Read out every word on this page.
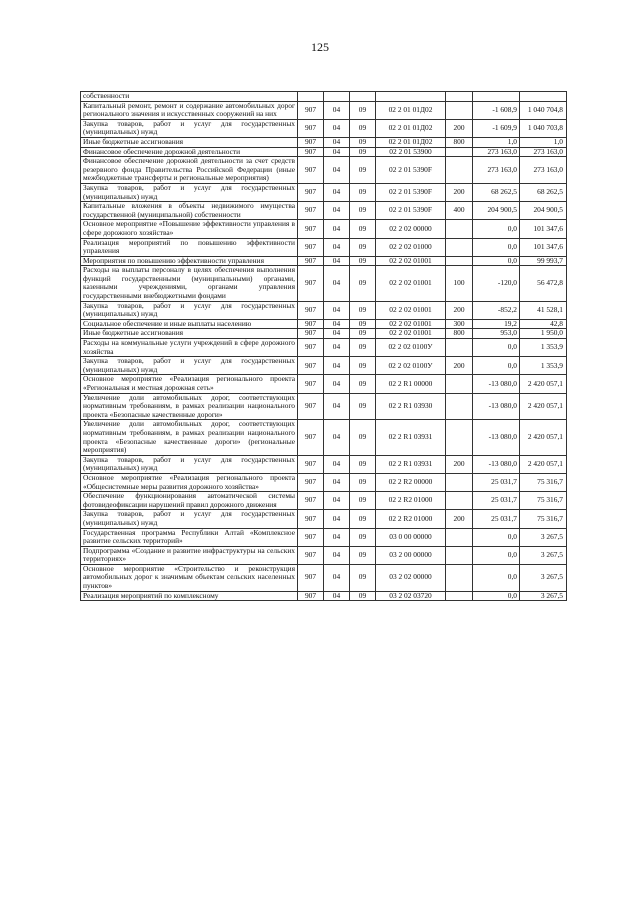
125
собственности							
Капитальный ремонт, ремонт и содержание автомобильных дорог регионального значения и искусственных сооружений на них	907	04	09	02 2 01 01Д02		-1 608,9	1 040 704,8
Закупка товаров, работ и услуг для государственных (муниципальных) нужд	907	04	09	02 2 01 01Д02	200	-1 609,9	1 040 703,8
Иные бюджетные ассигнования	907	04	09	02 2 01 01Д02	800	1,0	1,0
Финансовое обеспечение дорожной деятельности	907	04	09	02 2 01 53900		273 163,0	273 163,0
Финансовое обеспечение дорожной деятельности за счет средств резервного фонда Правительства Российской Федерации (иные межбюджетные трансферты и региональные мероприятия)	907	04	09	02 2 01 5390F		273 163,0	273 163,0
Закупка товаров, работ и услуг для государственных (муниципальных) нужд	907	04	09	02 2 01 5390F	200	68 262,5	68 262,5
Капитальные вложения в объекты недвижимого имущества государственной (муниципальной) собственности	907	04	09	02 2 01 5390F	400	204 900,5	204 900,5
Основное мероприятие «Повышение эффективности управления в сфере дорожного хозяйства»	907	04	09	02 2 02 00000		0,0	101 347,6
Реализация мероприятий по повышению эффективности управления	907	04	09	02 2 02 01000		0,0	101 347,6
Мероприятия по повышению эффективности управления	907	04	09	02 2 02 01001		0,0	99 993,7
Расходы на выплаты персоналу в целях обеспечения выполнения функций государственными (муниципальными) органами, казенными учреждениями, органами управления государственными внебюджетными фондами	907	04	09	02 2 02 01001	100	-120,0	56 472,8
Закупка товаров, работ и услуг для государственных (муниципальных) нужд	907	04	09	02 2 02 01001	200	-852,2	41 528,1
Социальное обеспечение и иные выплаты населению	907	04	09	02 2 02 01001	300	19,2	42,8
Иные бюджетные ассигнования	907	04	09	02 2 02 01001	800	953,0	1 950,0
Расходы на коммунальные услуги учреждений в сфере дорожного хозяйства	907	04	09	02 2 02 0100У		0,0	1 353,9
Закупка товаров, работ и услуг для государственных (муниципальных) нужд	907	04	09	02 2 02 0100У	200	0,0	1 353,9
Основное мероприятие «Реализация регионального проекта «Региональная и местная дорожная сеть»	907	04	09	02 2 R1 00000		-13 080,0	2 420 057,1
Увеличение доли автомобильных дорог, соответствующих нормативным требованиям, в рамках реализации национального проекта «Безопасные качественные дороги»	907	04	09	02 2 R1 03930		-13 080,0	2 420 057,1
Увеличение доли автомобильных дорог, соответствующих нормативным требованиям, в рамках реализации национального проекта «Безопасные качественные дороги» (региональные мероприятия)	907	04	09	02 2 R1 03931		-13 080,0	2 420 057,1
Закупка товаров, работ и услуг для государственных (муниципальных) нужд	907	04	09	02 2 R1 03931	200	-13 080,0	2 420 057,1
Основное мероприятие «Реализация регионального проекта «Общесистемные меры развития дорожного хозяйства»	907	04	09	02 2 R2 00000		25 031,7	75 316,7
Обеспечение функционирования автоматической системы фотовидеофиксации нарушений правил дорожного движения	907	04	09	02 2 R2 01000		25 031,7	75 316,7
Закупка товаров, работ и услуг для государственных (муниципальных) нужд	907	04	09	02 2 R2 01000	200	25 031,7	75 316,7
Государственная программа Республики Алтай «Комплексное развитие сельских территорий»	907	04	09	03 0 00 00000		0,0	3 267,5
Подпрограмма «Создание и развитие инфраструктуры на сельских территориях»	907	04	09	03 2 00 00000		0,0	3 267,5
Основное мероприятие «Строительство и реконструкция автомобильных дорог к значимым объектам сельских населенных пунктов»	907	04	09	03 2 02 00000		0,0	3 267,5
Реализация мероприятий по комплексному	907	04	09	03 2 02 03720		0,0	3 267,5
